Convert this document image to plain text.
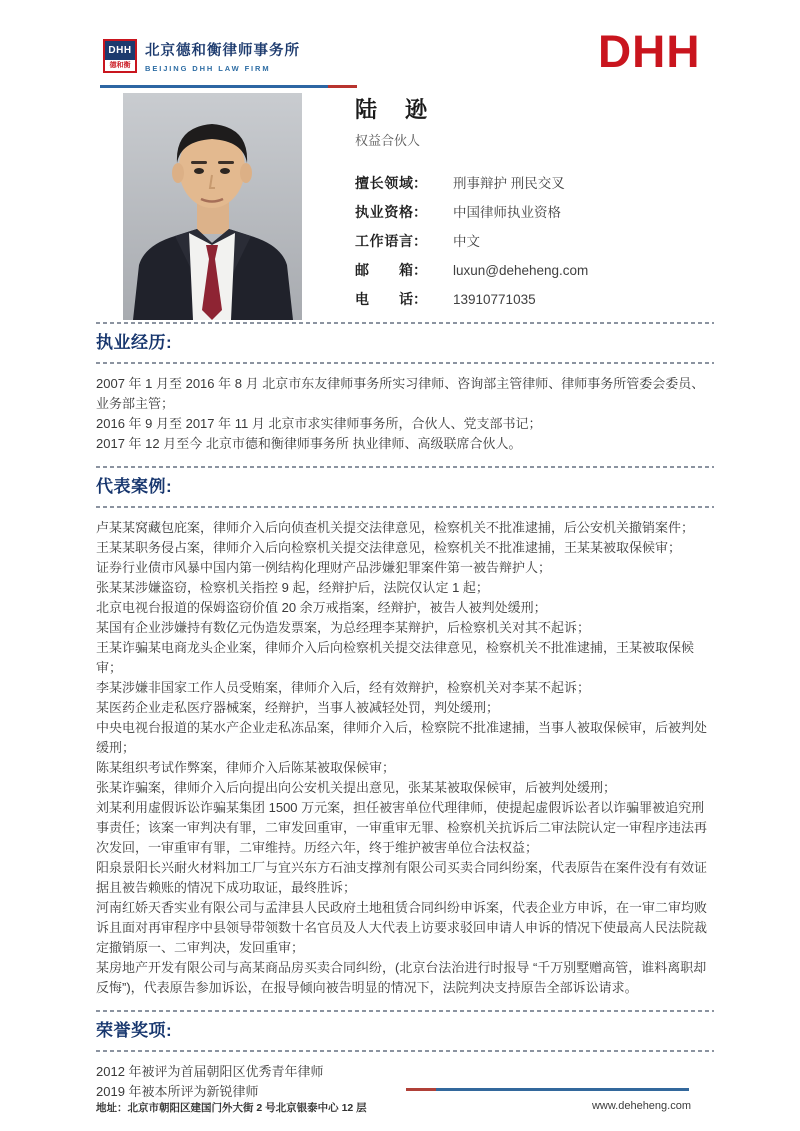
DHH
德和衡
北京德和衡律师事务所
BEIJING DHH LAW FIRM	DHH
陆逊
权益合伙人
擅长领域 ： 刑事辩护 刑民交叉
执业资格 ： 中国律师执业资格
工作语言 ： 中文
邮箱 ： luxun@deheheng.com
电话 ： 13910771035
执业经历:

2007 年 1 月至 2016 年 8 月 北京市东友律师事务所实习律师、咨询部主管律师、律师事务所管委会委员、业务部主管；

2016 年 9 月至 2017 年 11 月 北京市求实律师事务所，合伙人、党支部书记；

2017 年 12 月至今 北京市德和衡律师事务所 执业律师、高级联席合伙人。

代表案例:

卢某某窝藏包庇案，律师介入后向侦查机关提交法律意见，检察机关不批准逮捕，后公安机关撤销案件；

王某某职务侵占案，律师介入后向检察机关提交法律意见，检察机关不批准逮捕，王某某被取保候审；

证券行业债市风暴中国内第一例结构化理财产品涉嫌犯罪案件第一被告辩护人；

张某某涉嫌盗窃，检察机关指控 9 起，经辩护后，法院仅认定 1 起；

北京电视台报道的保姆盗窃价值 20 余万戒指案，经辩护，被告人被判处缓刑；

某国有企业涉嫌持有数亿元伪造发票案，为总经理李某辩护，后检察机关对其不起诉；

王某诈骗某电商龙头企业案，律师介入后向检察机关提交法律意见，检察机关不批准逮捕，王某被取保候审；

李某涉嫌非国家工作人员受贿案，律师介入后，经有效辩护，检察机关对李某不起诉；

某医药企业走私医疗器械案，经辩护，当事人被减轻处罚，判处缓刑；

中央电视台报道的某水产企业走私冻品案，律师介入后，检察院不批准逮捕，当事人被取保候审，后被判处缓刑；

陈某组织考试作弊案，律师介入后陈某被取保候审；

张某诈骗案，律师介入后向提出向公安机关提出意见，张某某被取保候审，后被判处缓刑；

刘某利用虚假诉讼诈骗某集团 1500 万元案，担任被害单位代理律师，使提起虚假诉讼者以诈骗罪被追究刑事责任；该案一审判决有罪，二审发回重审，一审重审无罪、检察机关抗诉后二审法院认定一审程序违法再次发回，一审重审有罪，二审维持。历经六年，终于维护被害单位合法权益；

阳泉景阳长兴耐火材料加工厂与宜兴东方石油支撑剂有限公司买卖合同纠纷案，代表原告在案件没有有效证据且被告赖账的情况下成功取证，最终胜诉；

河南红娇天香实业有限公司与孟津县人民政府土地租赁合同纠纷申诉案，代表企业方申诉，在一审二审均败诉且面对再审程序中县领导带领数十名官员及人大代表上访要求驳回申请人申诉的情况下使最高人民法院裁定撤销原一、二审判决，发回重审；

某房地产开发有限公司与高某商品房买卖合同纠纷，(北京台法治进行时报导 “千万别墅赠高管，谁料离职却反悔”)，代表原告参加诉讼，在报导倾向被告明显的情况下，法院判决支持原告全部诉讼请求。

荣誉奖项:

2012 年被评为首届朝阳区优秀青年律师

2019 年被本所评为新锐律师

地址：北京市朝阳区建国门外大街 2 号北京银泰中心 12 层	www.deheheng.com
